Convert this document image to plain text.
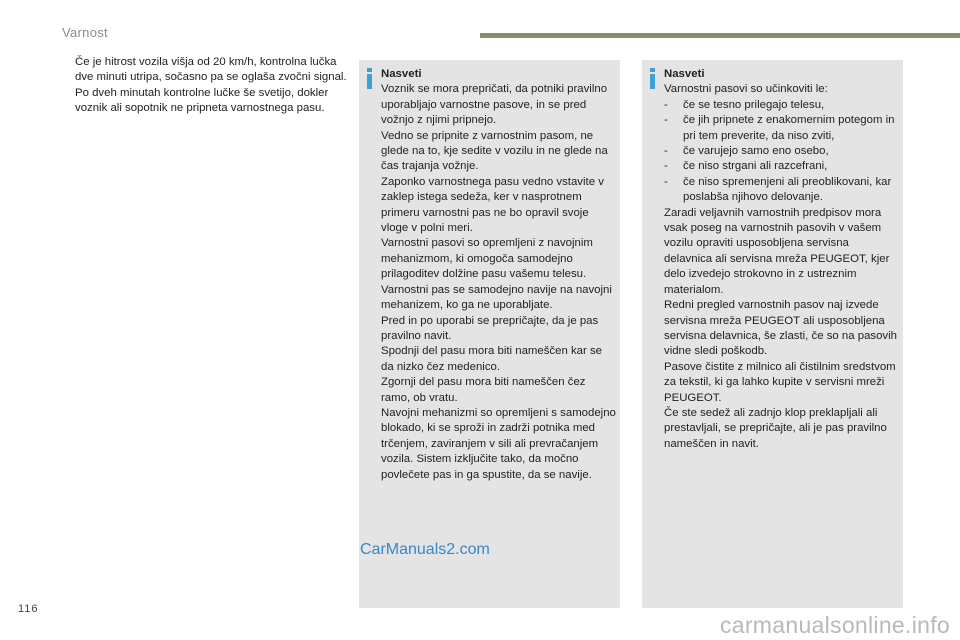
Varnost
Če je hitrost vozila višja od 20 km/h, kontrolna lučka dve minuti utripa, sočasno pa se oglaša zvočni signal. Po dveh minutah kontrolne lučke še svetijo, dokler voznik ali sopotnik ne pripneta varnostnega pasu.
Nasveti
Voznik se mora prepričati, da potniki pravilno uporabljajo varnostne pasove, in se pred vožnjo z njimi pripnejo.
Vedno se pripnite z varnostnim pasom, ne glede na to, kje sedite v vozilu in ne glede na čas trajanja vožnje.
Zaponko varnostnega pasu vedno vstavite v zaklep istega sedeža, ker v nasprotnem primeru varnostni pas ne bo opravil svoje vloge v polni meri.
Varnostni pasovi so opremljeni z navojnim mehanizmom, ki omogoča samodejno prilagoditev dolžine pasu vašemu telesu. Varnostni pas se samodejno navije na navojni mehanizem, ko ga ne uporabljate.
Pred in po uporabi se prepričajte, da je pas pravilno navit.
Spodnji del pasu mora biti nameščen kar se da nizko čez medenico.
Zgornji del pasu mora biti nameščen čez ramo, ob vratu.
Navojni mehanizmi so opremljeni s samodejno blokado, ki se sproži in zadrži potnika med trčenjem, zaviranjem v sili ali prevračanjem vozila. Sistem izključite tako, da močno povlečete pas in ga spustite, da se navije.
CarManuals2.com
Nasveti
Varnostni pasovi so učinkoviti le:
-	če se tesno prilegajo telesu,
-	če jih pripnete z enakomernim potegom in pri tem preverite, da niso zviti,
-	če varujejo samo eno osebo,
-	če niso strgani ali razcefrani,
-	če niso spremenjeni ali preoblikovani, kar poslabša njihovo delovanje.
Zaradi veljavnih varnostnih predpisov mora vsak poseg na varnostnih pasovih v vašem vozilu opraviti usposobljena servisna delavnica ali servisna mreža PEUGEOT, kjer delo izvedejo strokovno in z ustreznim materialom.
Redni pregled varnostnih pasov naj izvede servisna mreža PEUGEOT ali usposobljena servisna delavnica, še zlasti, če so na pasovih vidne sledi poškodb.
Pasove čistite z milnico ali čistilnim sredstvom za tekstil, ki ga lahko kupite v servisni mreži PEUGEOT.
Če ste sedež ali zadnjo klop preklapljali ali prestavljali, se prepričajte, ali je pas pravilno nameščen in navit.
116
carmanualsonline.info
